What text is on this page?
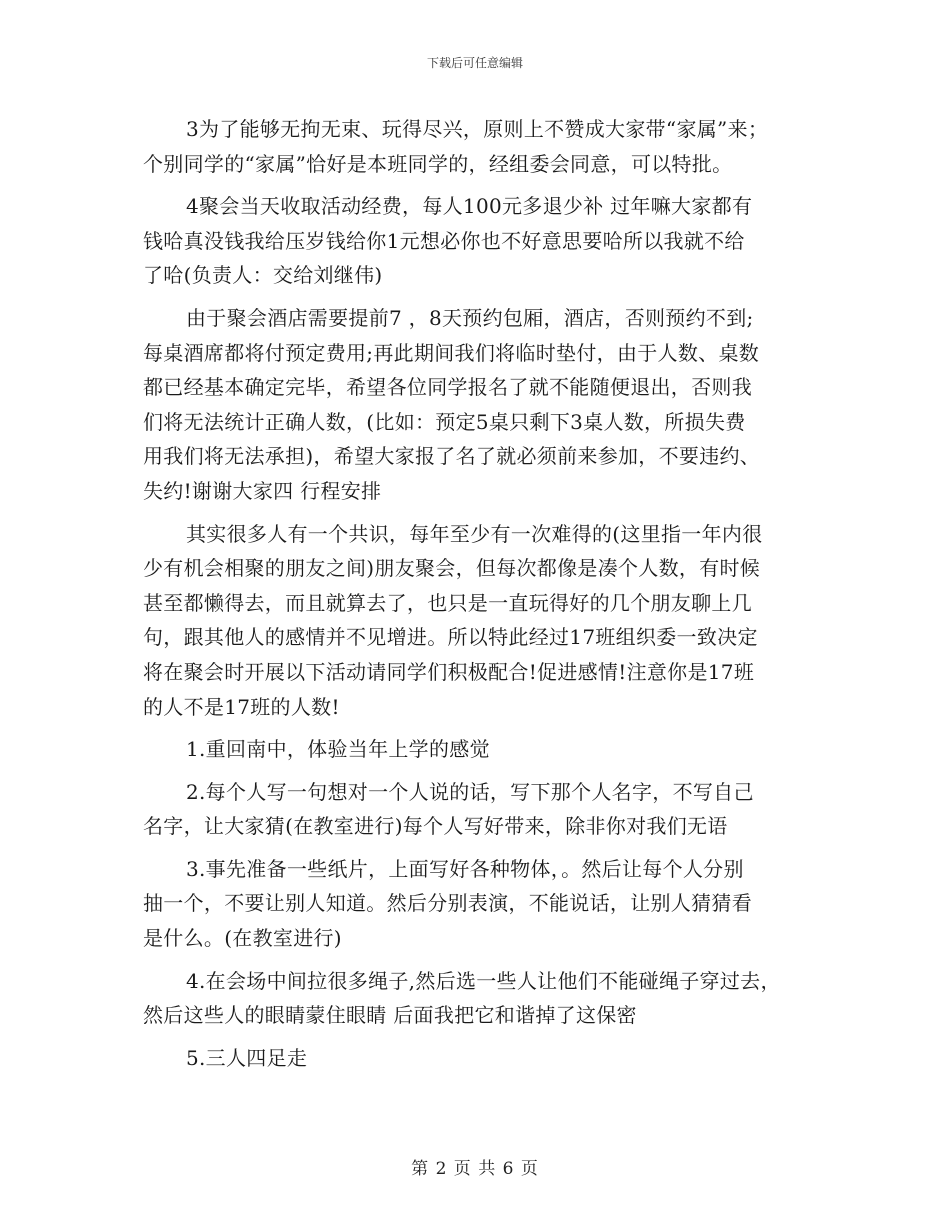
下载后可任意编辑
3为了能够无拘无束、玩得尽兴，原则上不赞成大家带“家属”来；
个别同学的“家属”恰好是本班同学的，经组委会同意，可以特批。
4聚会当天收取活动经费，每人100元多退少补 过年嘛大家都有
钱哈真没钱我给压岁钱给你1元想必你也不好意思要哈所以我就不给
了哈(负责人：交给刘继伟)
由于聚会酒店需要提前7 ，8天预约包厢，酒店，否则预约不到;
每桌酒席都将付预定费用;再此期间我们将临时垫付，由于人数、桌数
都已经基本确定完毕，希望各位同学报名了就不能随便退出，否则我
们将无法统计正确人数，(比如：预定5桌只剩下3桌人数，所损失费
用我们将无法承担)，希望大家报了名了就必须前来参加，不要违约、
失约!谢谢大家四 行程安排
其实很多人有一个共识，每年至少有一次难得的(这里指一年内很
少有机会相聚的朋友之间)朋友聚会，但每次都像是凑个人数，有时候
甚至都懒得去，而且就算去了，也只是一直玩得好的几个朋友聊上几
句，跟其他人的感情并不见增进。所以特此经过17班组织委一致决定
将在聚会时开展以下活动请同学们积极配合!促进感情!注意你是17班
的人不是17班的人数!
1.重回南中，体验当年上学的感觉
2.每个人写一句想对一个人说的话，写下那个人名字，不写自己
名字，让大家猜(在教室进行)每个人写好带来，除非你对我们无语
3.事先准备一些纸片，上面写好各种物体，。然后让每个人分别
抽一个，不要让别人知道。然后分别表演，不能说话，让别人猜猜看
是什么。(在教室进行)
4.在会场中间拉很多绳子,然后选一些人让他们不能碰绳子穿过去，
然后这些人的眼睛蒙住眼睛 后面我把它和谐掉了这保密
5.三人四足走
第 2 页 共 6 页
